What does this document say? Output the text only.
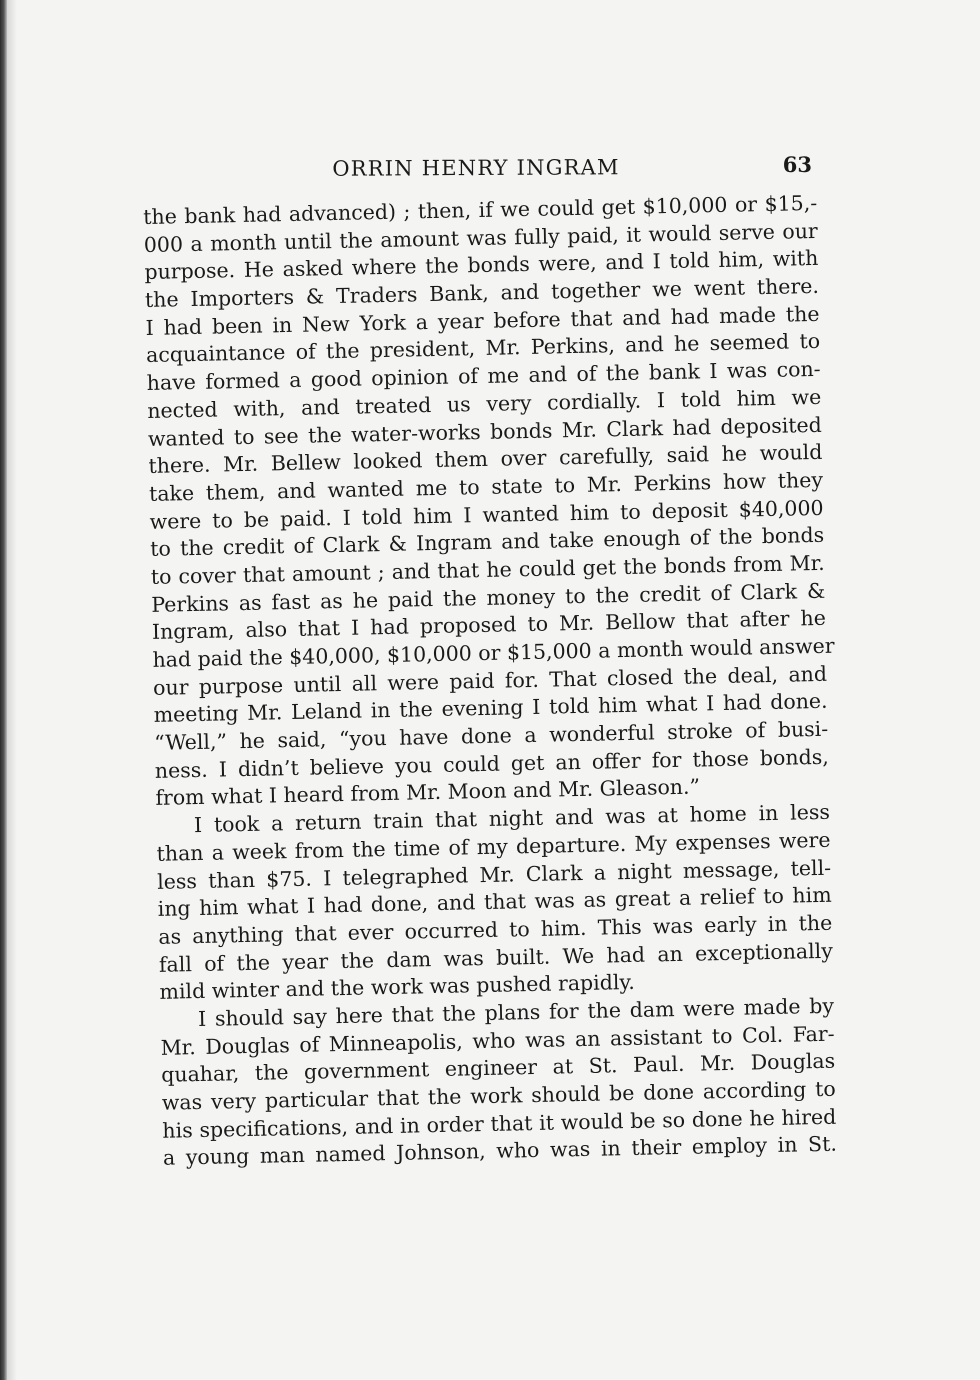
ORRIN HENRY INGRAM	63
the bank had advanced) ; then, if we could get $10,000 or $15,-
000 a month until the amount was fully paid, it would serve our
purpose. He asked where the bonds were, and I told him, with
the Importers & Traders Bank, and together we went there.
I had been in New York a year before that and had made the
acquaintance of the president, Mr. Perkins, and he seemed to
have formed a good opinion of me and of the bank I was con-
nected with, and treated us very cordially. I told him we
wanted to see the water-works bonds Mr. Clark had deposited
there. Mr. Bellew looked them over carefully, said he would
take them, and wanted me to state to Mr. Perkins how they
were to be paid. I told him I wanted him to deposit $40,000
to the credit of Clark & Ingram and take enough of the bonds
to cover that amount ; and that he could get the bonds from Mr.
Perkins as fast as he paid the money to the credit of Clark &
Ingram, also that I had proposed to Mr. Bellow that after he
had paid the $40,000, $10,000 or $15,000 a month would answer
our purpose until all were paid for. That closed the deal, and
meeting Mr. Leland in the evening I told him what I had done.
“Well,” he said, “you have done a wonderful stroke of busi-
ness. I didn’t believe you could get an offer for those bonds,
from what I heard from Mr. Moon and Mr. Gleason.”
I took a return train that night and was at home in less
than a week from the time of my departure. My expenses were
less than $75. I telegraphed Mr. Clark a night message, tell-
ing him what I had done, and that was as great a relief to him
as anything that ever occurred to him. This was early in the
fall of the year the dam was built. We had an exceptionally
mild winter and the work was pushed rapidly.
I should say here that the plans for the dam were made by
Mr. Douglas of Minneapolis, who was an assistant to Col. Far-
quahar, the government engineer at St. Paul. Mr. Douglas
was very particular that the work should be done according to
his specifications, and in order that it would be so done he hired
a young man named Johnson, who was in their employ in St.
